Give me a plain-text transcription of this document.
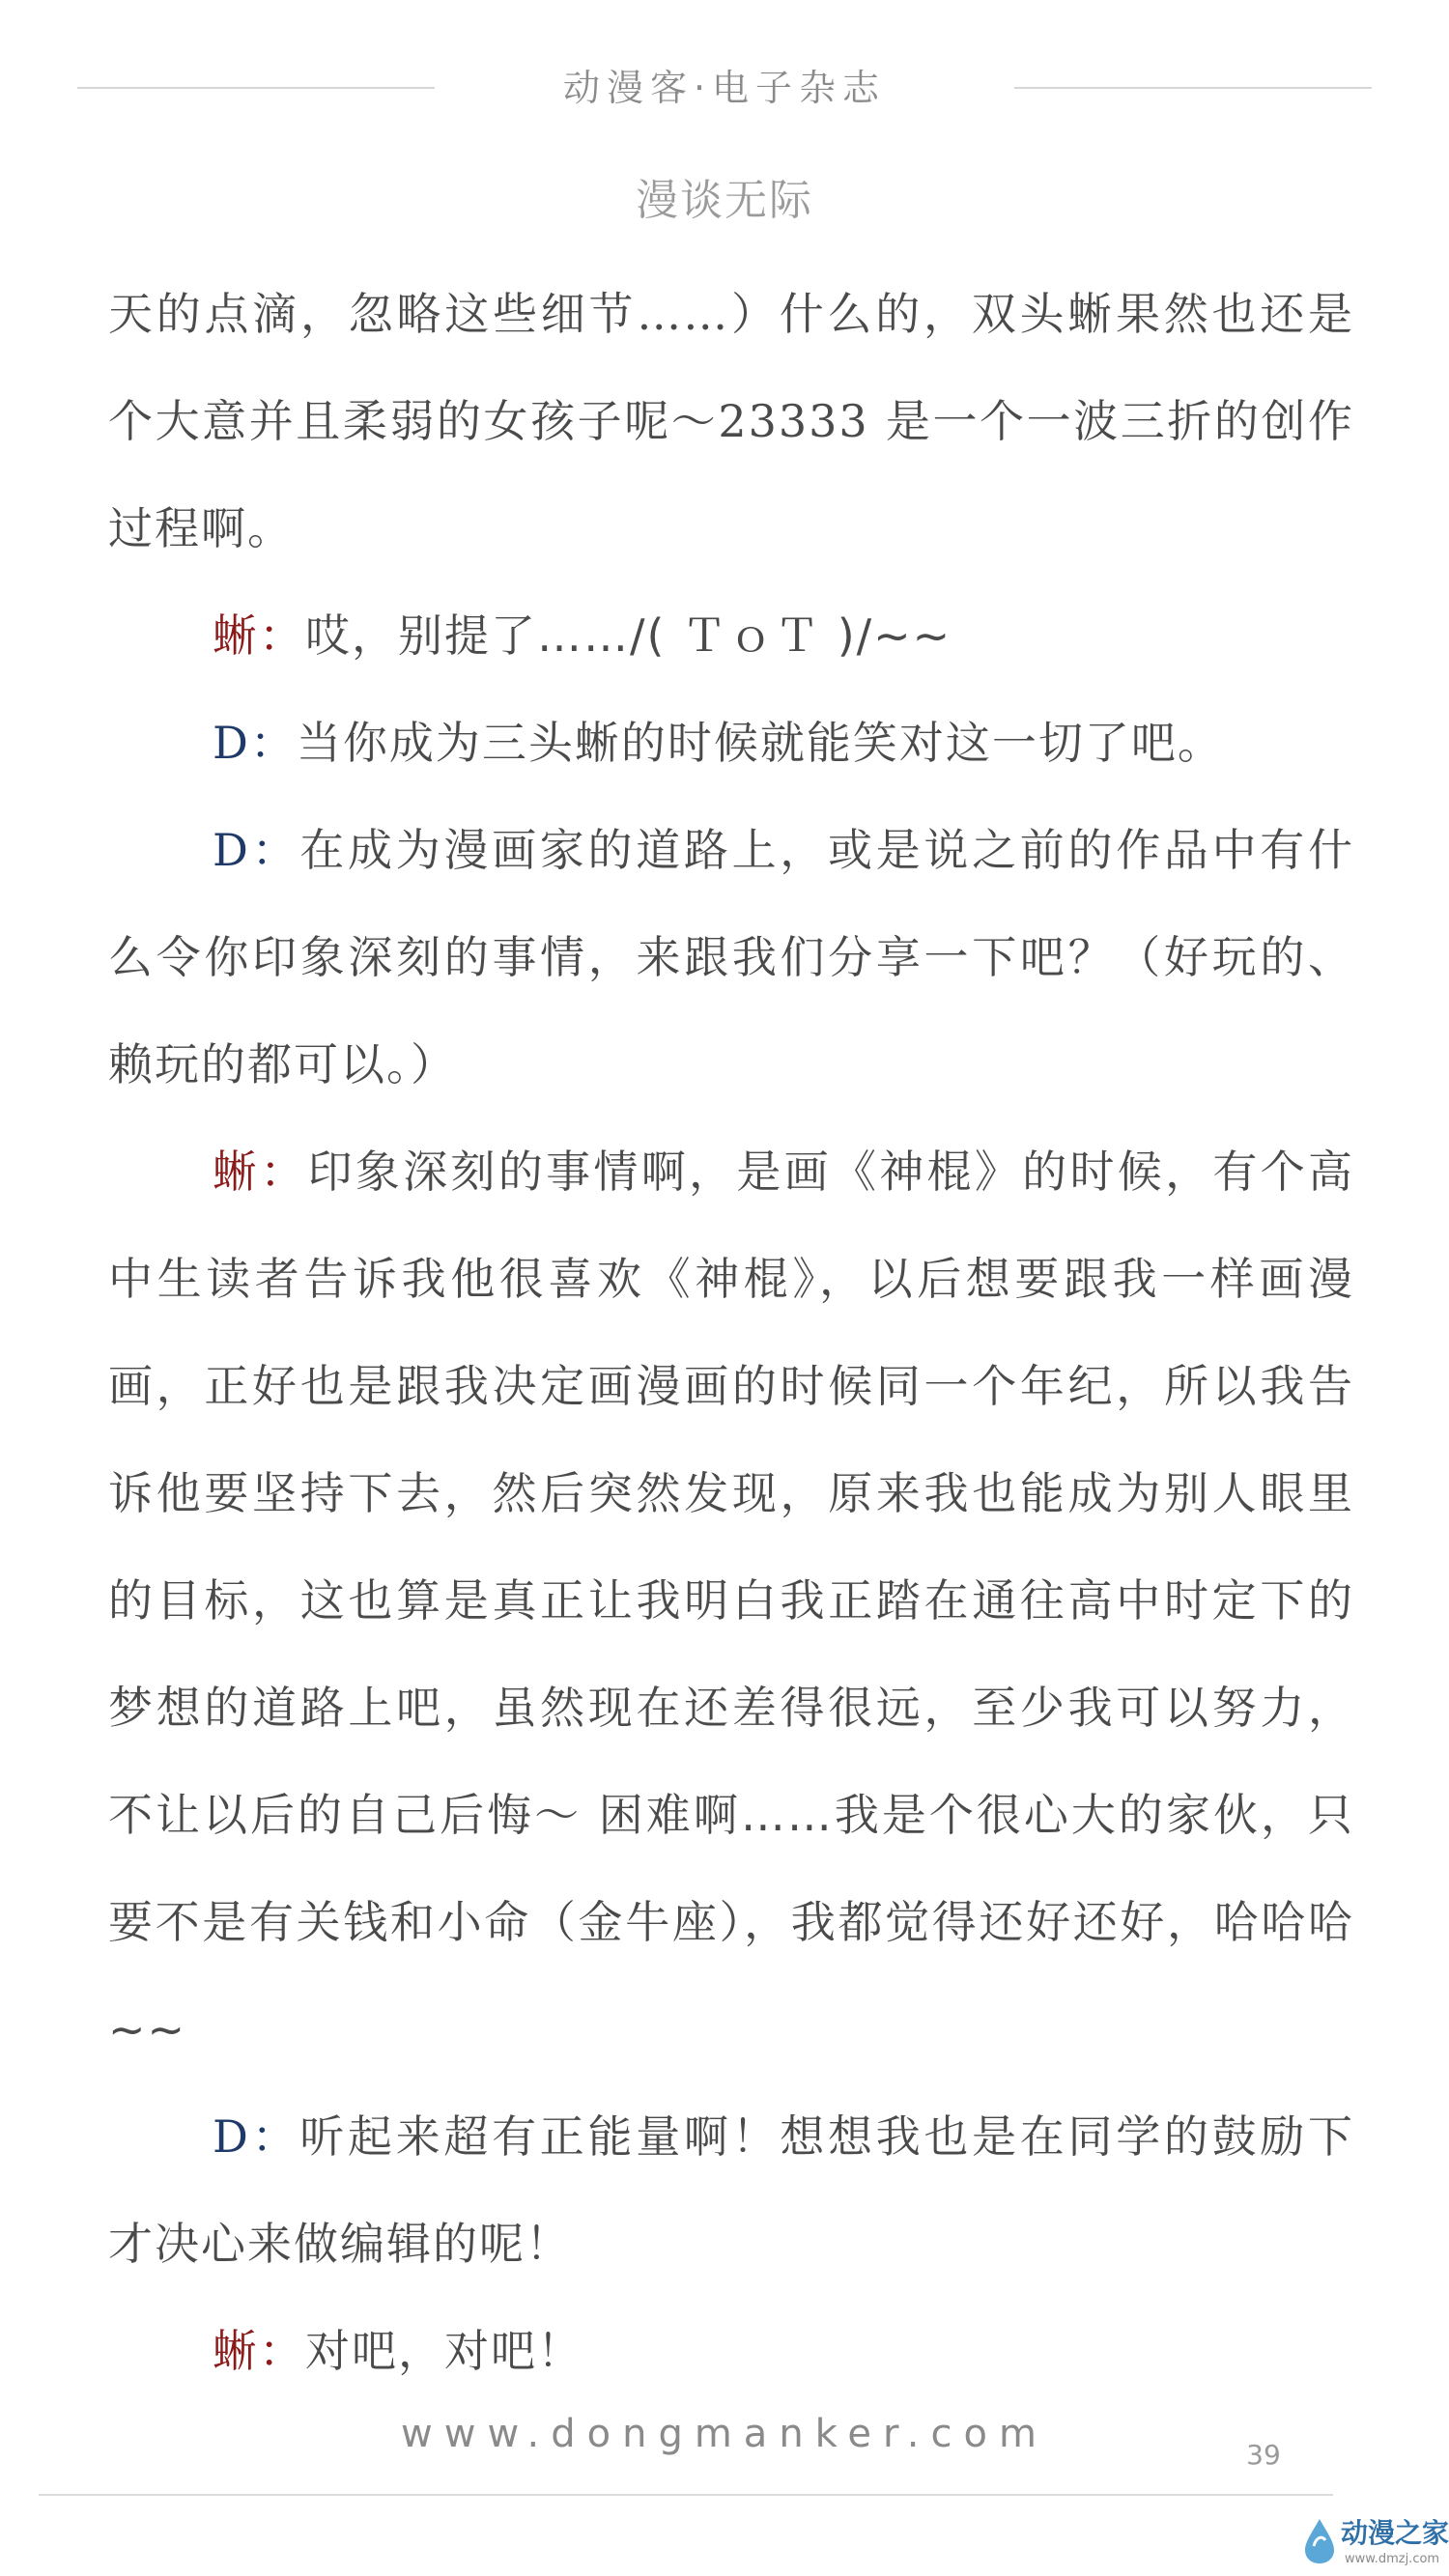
动漫客·电子杂志
漫谈无际

天的点滴，忽略这些细节……）什么的，双头蜥果然也还是个大意并且柔弱的女孩子呢～23333 是一个一波三折的创作过程啊。

蜥：哎，别提了……/( ＴｏＴ )/~~

D：当你成为三头蜥的时候就能笑对这一切了吧。

D：在成为漫画家的道路上，或是说之前的作品中有什么令你印象深刻的事情，来跟我们分享一下吧？（好玩的、赖玩的都可以。）

蜥：印象深刻的事情啊，是画《神棍》的时候，有个高中生读者告诉我他很喜欢《神棍》，以后想要跟我一样画漫画，正好也是跟我决定画漫画的时候同一个年纪，所以我告诉他要坚持下去，然后突然发现，原来我也能成为别人眼里的目标，这也算是真正让我明白我正踏在通往高中时定下的梦想的道路上吧，虽然现在还差得很远，至少我可以努力，不让以后的自己后悔～ 困难啊……我是个很心大的家伙，只要不是有关钱和小命（金牛座），我都觉得还好还好，哈哈哈 ~~

D：听起来超有正能量啊！想想我也是在同学的鼓励下才决心来做编辑的呢！

蜥：对吧，对吧！

www.dongmanker.com	39
动漫之家
www.dmzj.com
